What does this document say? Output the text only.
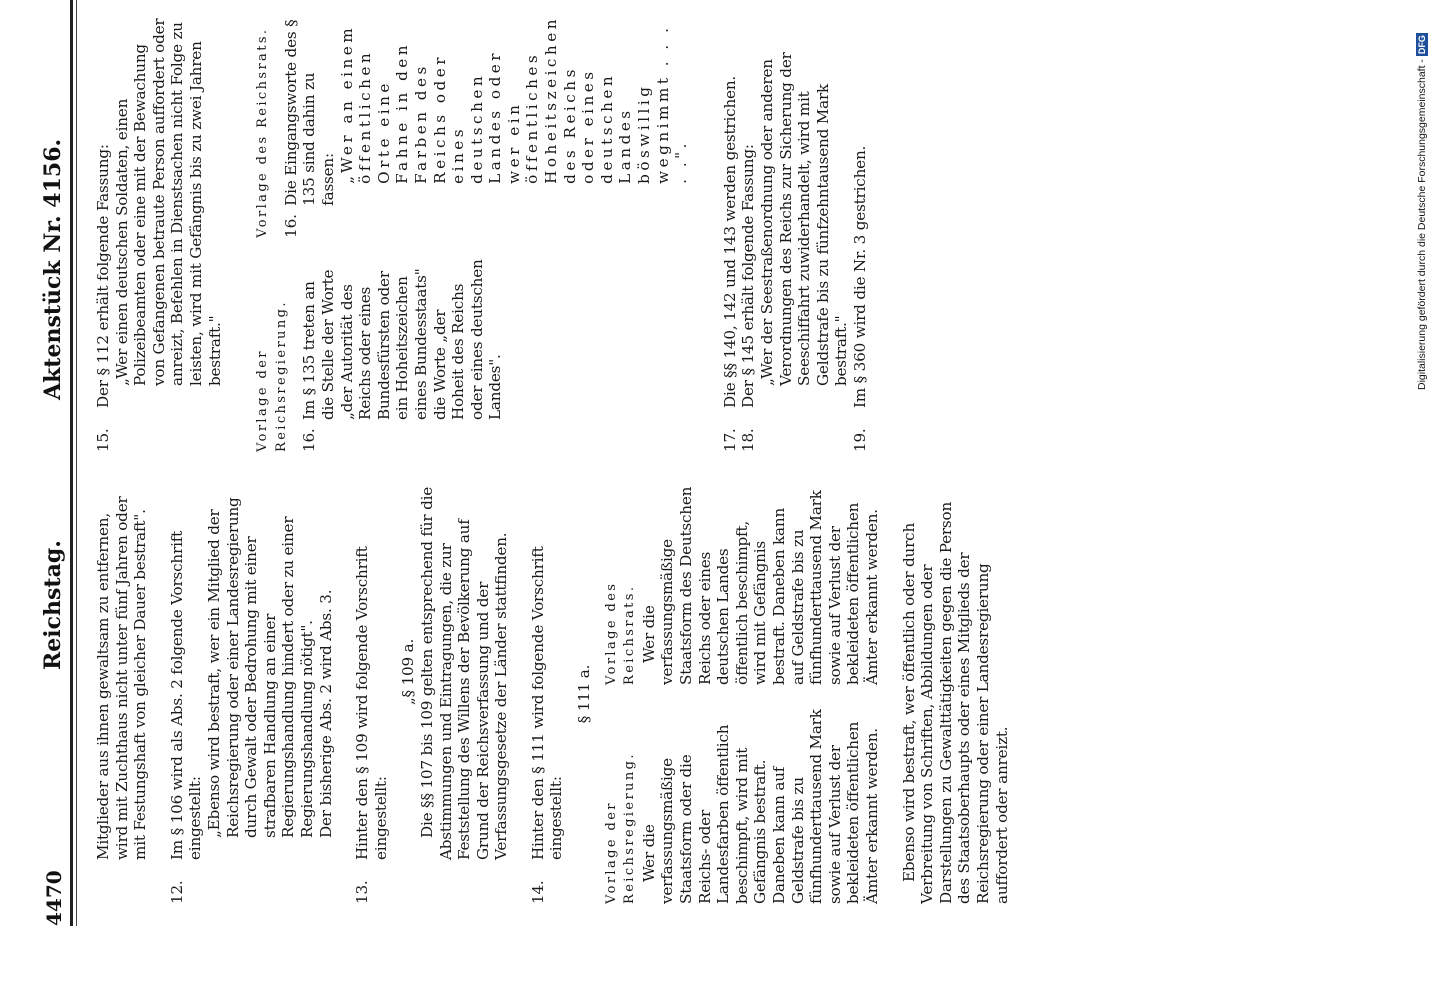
4470
Reichstag.
Aktenstück Nr. 4156.

Mitglieder aus ihnen gewaltsam zu entfernen, wird mit Zuchthaus nicht unter fünf Jahren oder mit Festungshaft von gleicher Dauer bestraft".

12.

Im § 106 wird als Abs. 2 folgende Vorschrift eingestellt: „Ebenso wird bestraft, wer ein Mitglied der Reichsregierung oder einer Landesregierung durch Gewalt oder Bedrohung mit einer strafbaren Handlung an einer Regierungshandlung hindert oder zu einer Regierungshandlung nötigt". Der bisherige Abs. 2 wird Abs. 3.

13.

Hinter den § 109 wird folgende Vorschrift eingestellt:

„§ 109 a. Die §§ 107 bis 109 gelten entsprechend für die Abstimmungen und Eintragungen, die zur Feststellung des Willens der Bevölkerung auf Grund der Reichsverfassung und der Verfassungsgesetze der Länder stattfinden.

14.

Hinter den § 111 wird folgende Vorschrift eingestellt:

§ 111 a.

Vorlage der Reichsregierung. Wer die verfassungsmäßige Staatsform oder die Reichs- oder Landesfarben öffentlich beschimpft, wird mit Gefängnis bestraft. Daneben kann auf Geldstrafe bis zu fünfhunderttausend Mark sowie auf Verlust der bekleideten öffentlichen Ämter erkannt werden.

Vorlage des Reichsrats. Wer die verfassungsmäßige Staatsform des Deutschen Reichs oder eines deutschen Landes öffentlich beschimpft, wird mit Gefängnis bestraft. Daneben kann auf Geldstrafe bis zu fünfhunderttausend Mark sowie auf Verlust der bekleideten öffentlichen Ämter erkannt werden. Ebenso wird bestraft, wer öffentlich oder durch Verbreitung von Schriften, Abbildungen oder Darstellungen zu Gewalttätigkeiten gegen die Person des Staatsoberhaupts oder eines Mitglieds der Reichsregierung oder einer Landesregierung auffordert oder anreizt.

15.

Der § 112 erhält folgende Fassung: „Wer einen deutschen Soldaten, einen Polizeibeamten oder eine mit der Bewachung von Gefangenen betraute Person auffordert oder anreizt, Befehlen in Dienstsachen nicht Folge zu leisten, wird mit Gefängnis bis zu zwei Jahren bestraft." Vorlage der Reichsregierung. 16.

Im § 135 treten an die Stelle der Worte „der Autorität des Reichs oder eines Bundesfürsten oder ein Hoheitszeichen eines Bundesstaats" die Worte „der Hoheit des Reichs oder eines deutschen Landes".

Vorlage des Reichsrats. 16.

Die Eingangsworte des § 135 sind dahin zu fassen: „Wer an einem öffentlichen Orte eine Fahne in den Farben des Reichs oder eines deutschen Landes oder wer ein öffentliches Hoheitszeichen des Reichs oder eines deutschen Landes böswillig wegnimmt . . . . .".

17.

Die §§ 140, 142 und 143 werden gestrichen.

18.

Der § 145 erhält folgende Fassung: „Wer der Seestraßenordnung oder anderen Verordnungen des Reichs zur Sicherung der Seeschiffahrt zuwiderhandelt, wird mit Geldstrafe bis zu fünfzehntausend Mark bestraft."

19.

Im § 360 wird die Nr. 3 gestrichen.	Digitalisierung gefördert durch die Deutsche Forschungsgemeinschaft -
DFG
